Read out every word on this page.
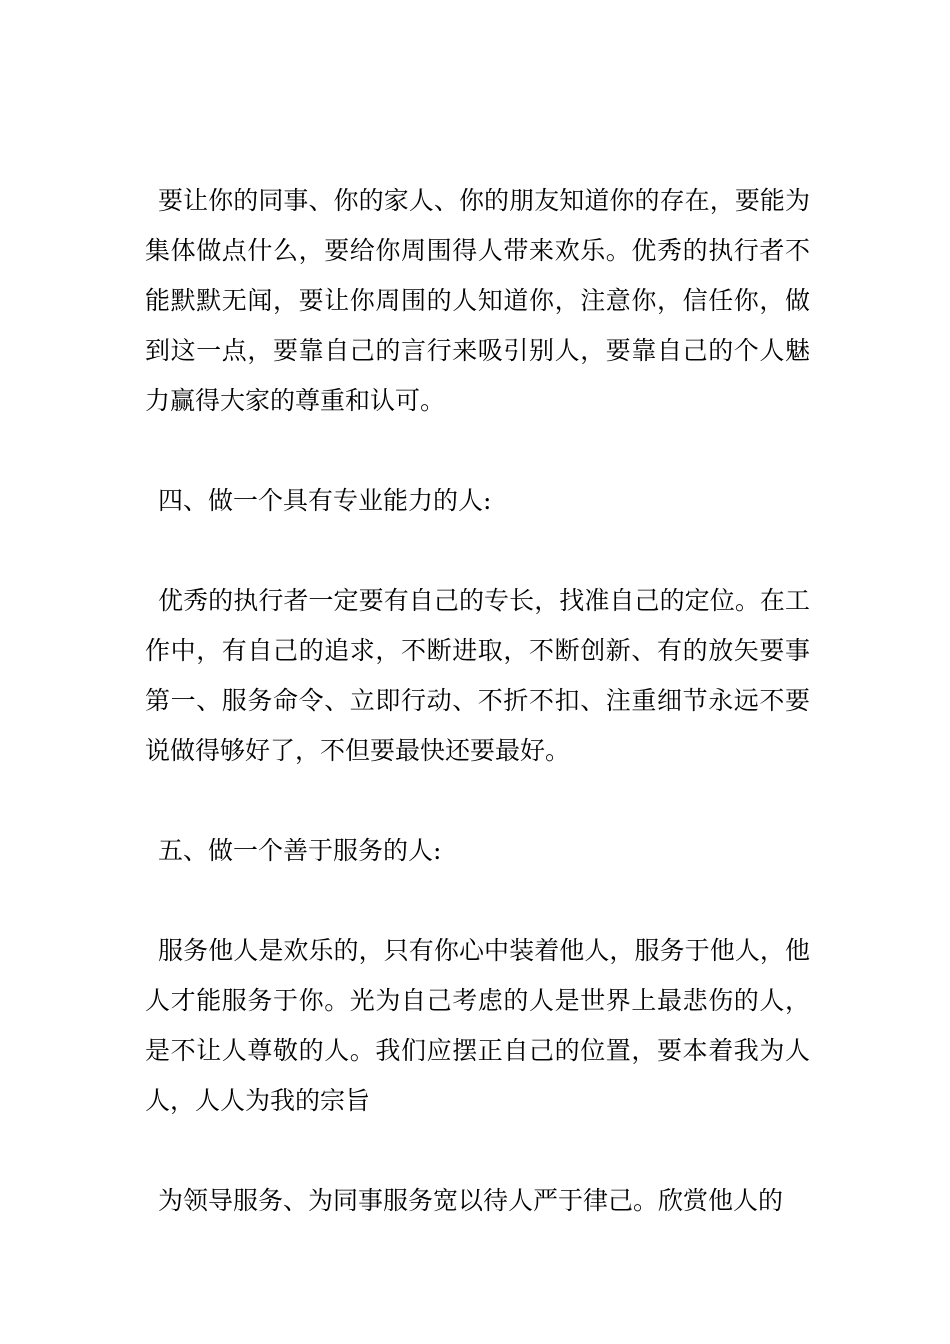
要让你的同事、你的家人、你的朋友知道你的存在，要能为集体做点什么，要给你周围得人带来欢乐。优秀的执行者不能默默无闻，要让你周围的人知道你，注意你，信任你，做到这一点，要靠自己的言行来吸引别人，要靠自己的个人魅力赢得大家的尊重和认可。

四、做一个具有专业能力的人:

优秀的执行者一定要有自己的专长，找准自己的定位。在工作中，有自己的追求，不断进取，不断创新、有的放矢要事第一、服务命令、立即行动、不折不扣、注重细节永远不要说做得够好了，不但要最快还要最好。

五、做一个善于服务的人:

服务他人是欢乐的，只有你心中装着他人，服务于他人，他人才能服务于你。光为自己考虑的人是世界上最悲伤的人，是不让人尊敬的人。我们应摆正自己的位置，要本着我为人人，人人为我的宗旨

为领导服务、为同事服务宽以待人严于律己。欣赏他人的
